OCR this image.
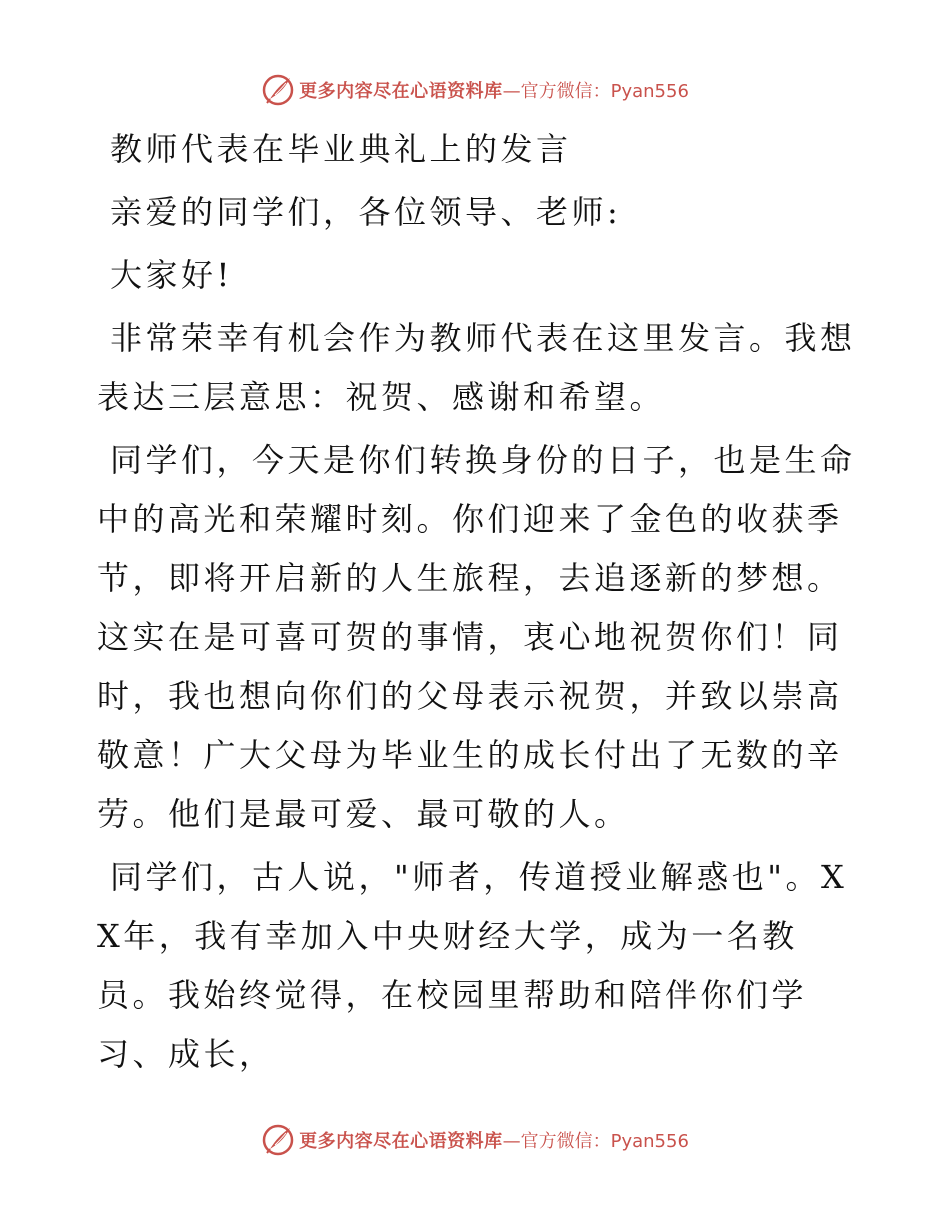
更多内容尽在心语资料库 —官方微信：Pyan556

教师代表在毕业典礼上的发言

亲爱的同学们，各位领导、老师:

大家好!

非常荣幸有机会作为教师代表在这里发言。我想表达三层意思：祝贺、感谢和希望。

同学们，今天是你们转换身份的日子，也是生命中的高光和荣耀时刻。你们迎来了金色的收获季节，即将开启新的人生旅程，去追逐新的梦想。这实在是可喜可贺的事情，衷心地祝贺你们！同时，我也想向你们的父母表示祝贺，并致以崇高敬意！广大父母为毕业生的成长付出了无数的辛劳。他们是最可爱、最可敬的人。

同学们，古人说，"师者，传道授业解惑也"。XX年，我有幸加入中央财经大学，成为一名教员。我始终觉得，在校园里帮助和陪伴你们学习、成长，

更多内容尽在心语资料库 —官方微信：Pyan556
